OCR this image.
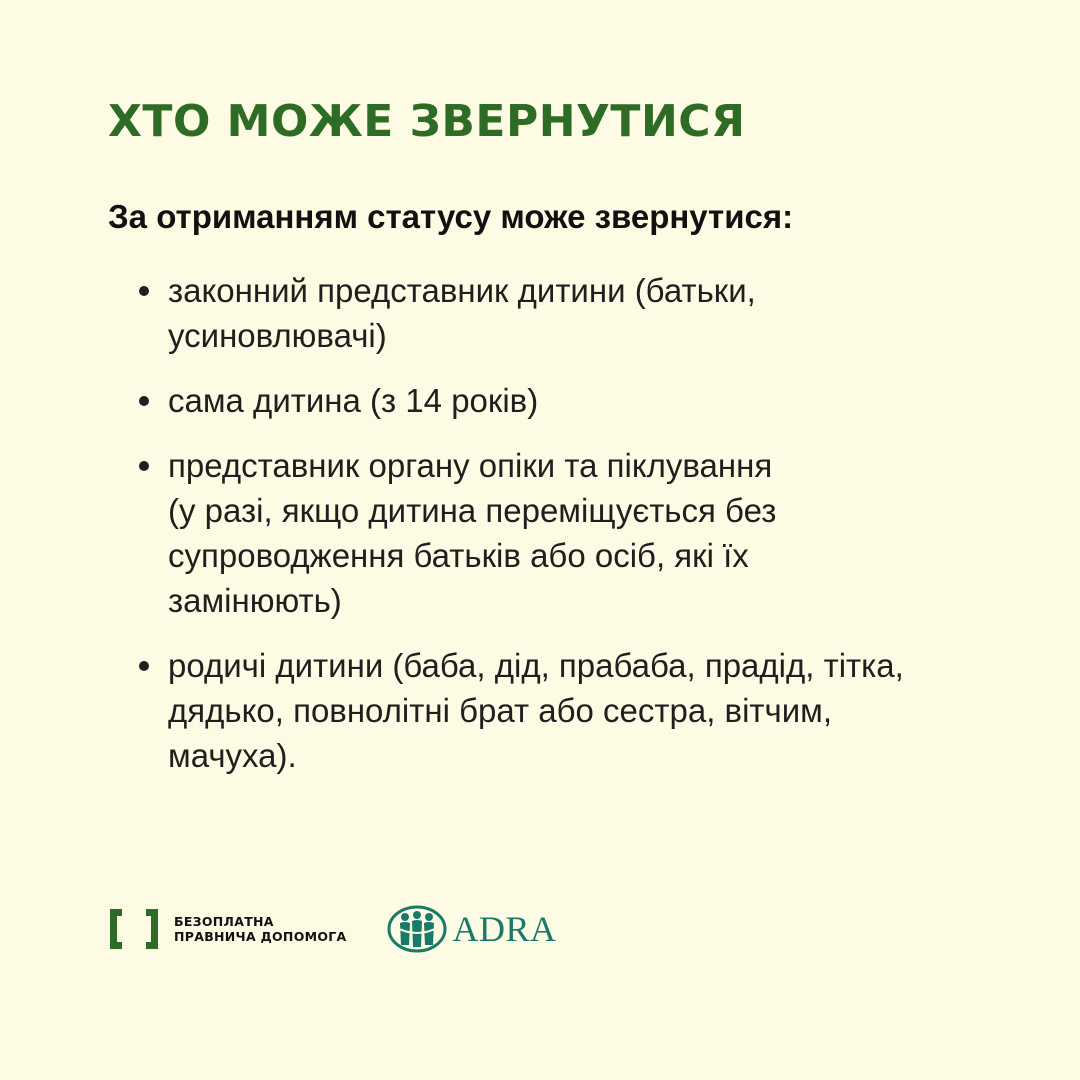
ХТО МОЖЕ ЗВЕРНУТИСЯ

За отриманням статусу може звернутися:

законний представник дитини (батьки,
усиновлювачі)
сама дитина (з 14 років)
представник органу опіки та піклування
(у разі, якщо дитина переміщується без
супроводження батьків або осіб, які їх
замінюють)
родичі дитини (баба, дід, прабаба, прадід, тітка,
дядько, повнолітні брат або сестра, вітчим,
мачуха).
БЕЗОПЛАТНА
ПРАВНИЧА ДОПОМОГА	ADRA
